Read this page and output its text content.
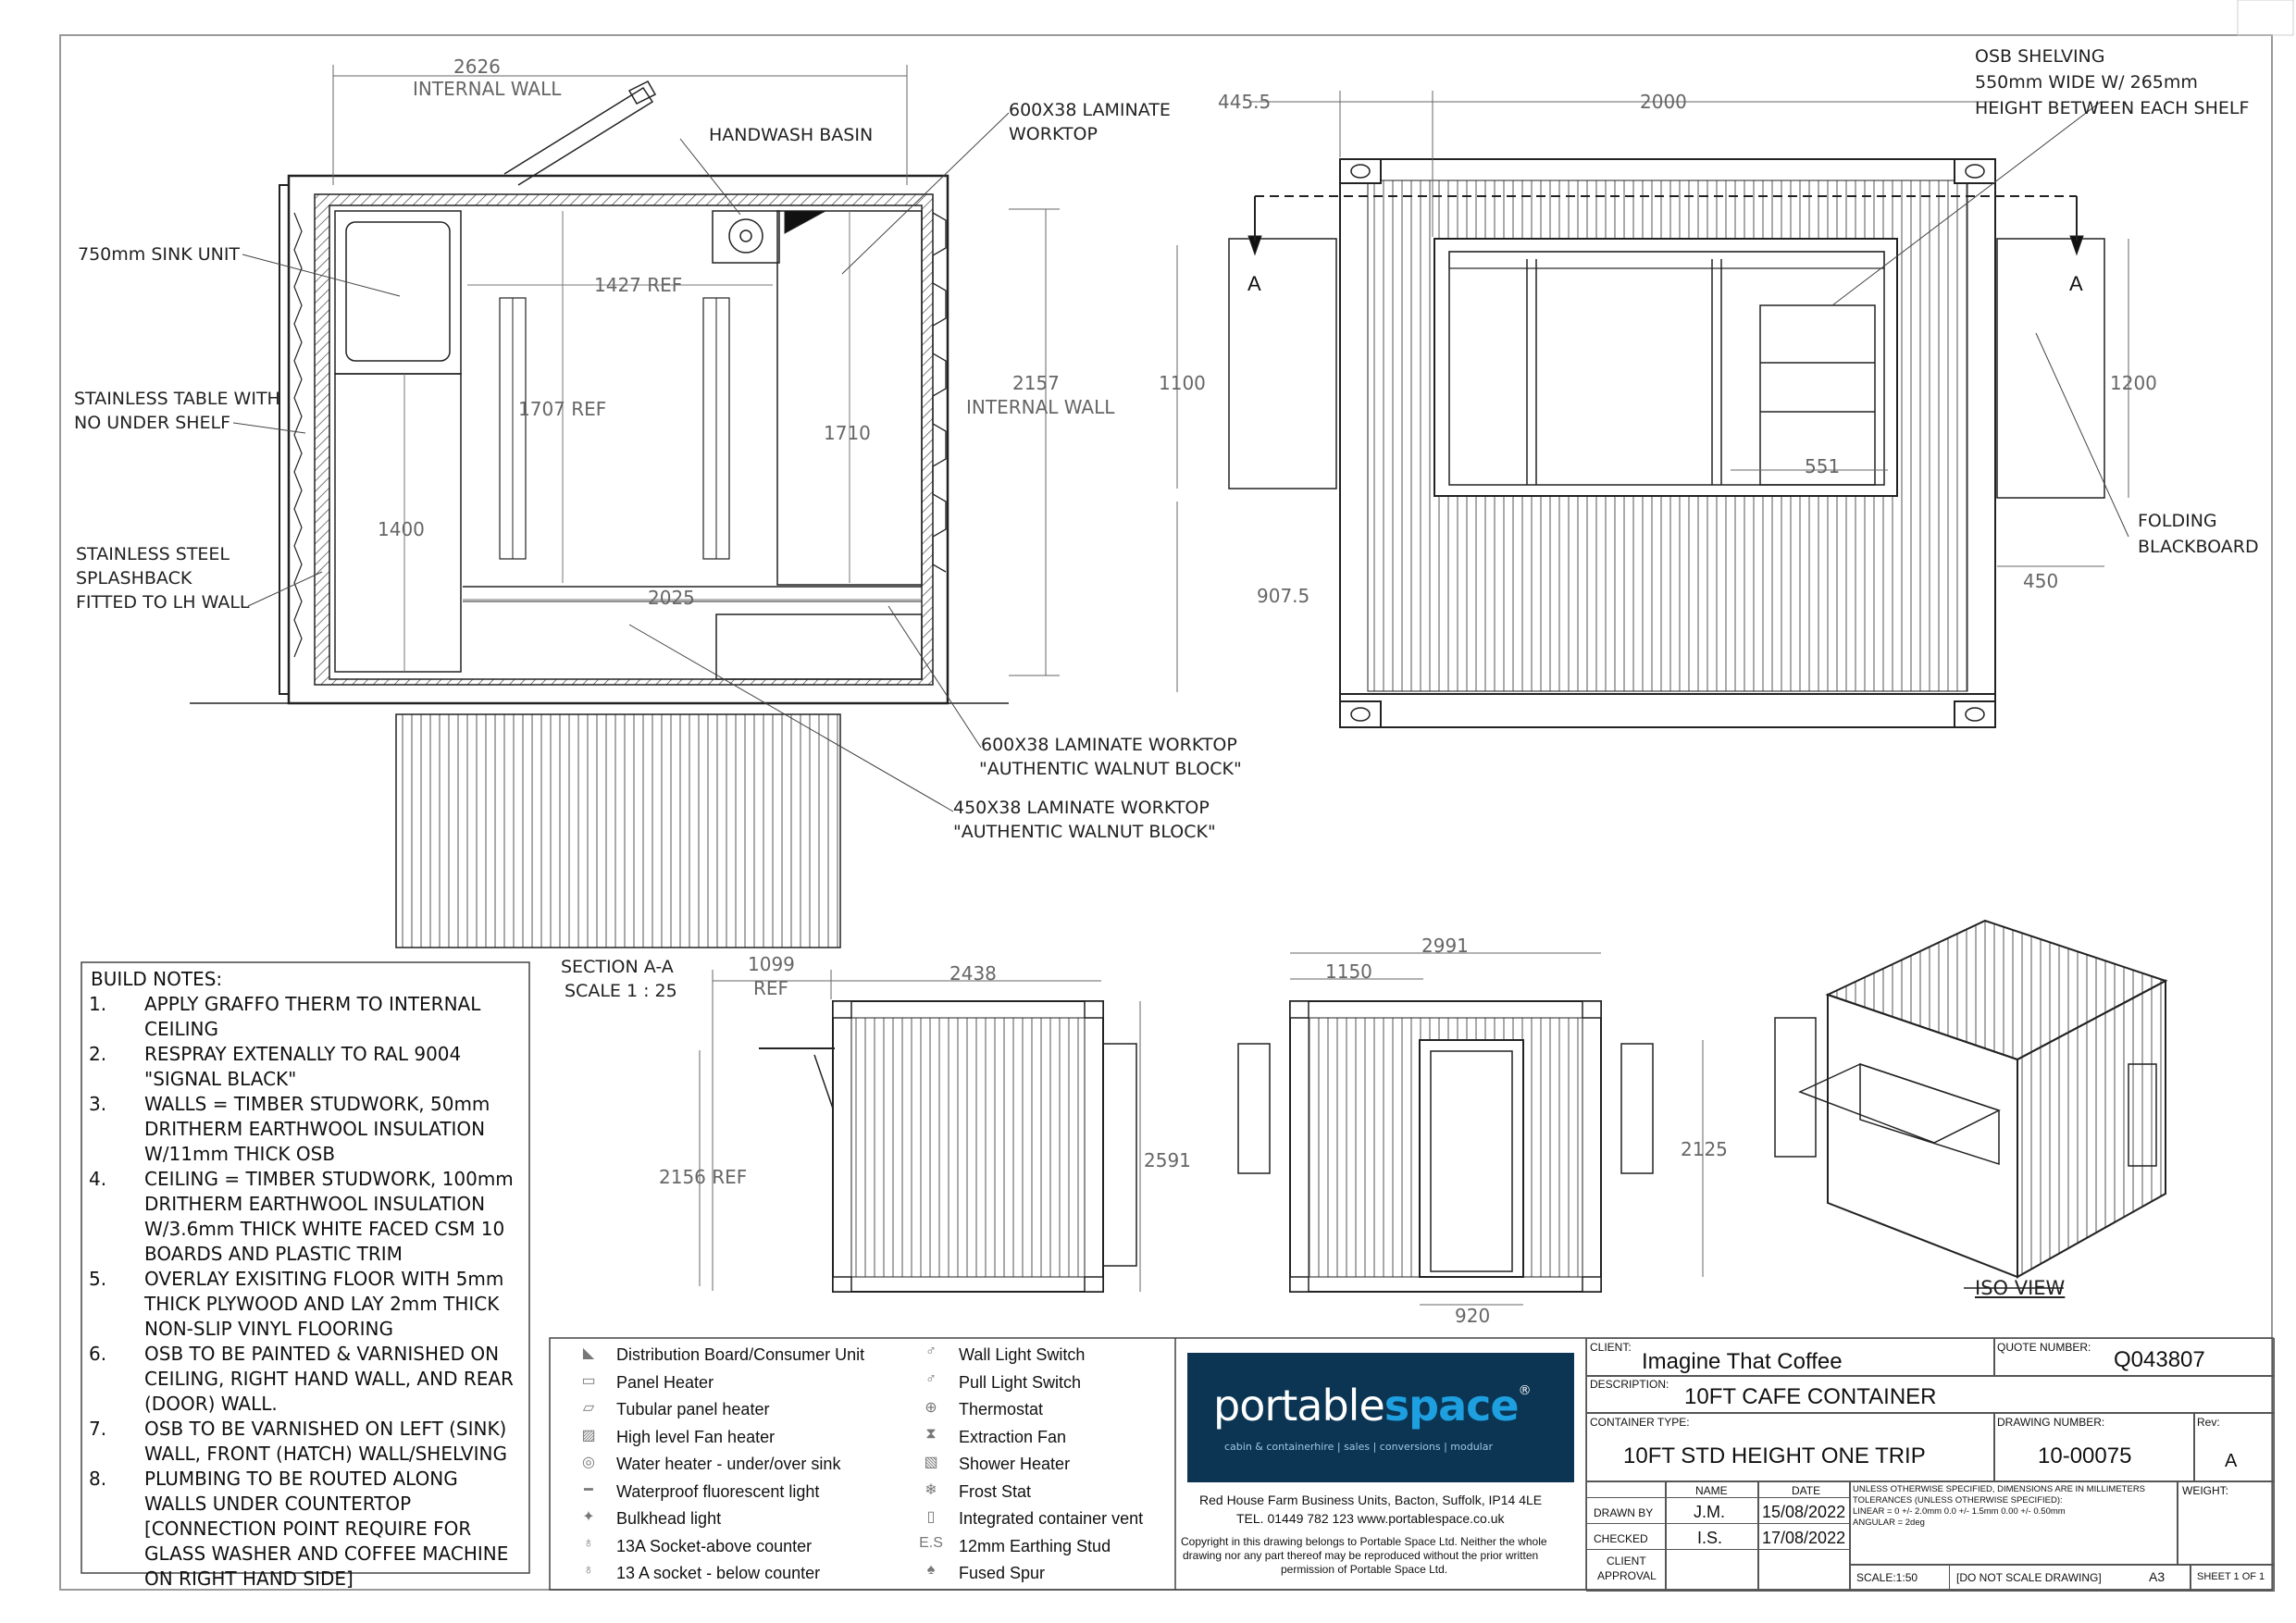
2626
INTERNAL WALL
HANDWASH BASIN
600X38 LAMINATE
WORKTOP
750mm SINK UNIT
1427 REF
STAINLESS TABLE WITH
NO UNDER SHELF
1707 REF
1710
2157
INTERNAL WALL
1400
STAINLESS STEEL
SPLASHBACK
FITTED TO LH WALL	2025
600X38 LAMINATE WORKTOP
"AUTHENTIC WALNUT BLOCK"
450X38 LAMINATE WORKTOP
"AUTHENTIC WALNUT BLOCK"
445.5	2000
OSB SHELVING
550mm WIDE W/ 265mm
HEIGHT BETWEEN EACH SHELF
A	A
1100	1200
551
907.5
450
FOLDING
BLACKBOARD
SECTION A-A
SCALE 1 : 25
1099
REF
2438
2156 REF
2591
2991
1150
2125
920
ISO VIEW
BUILD NOTES:
1. APPLY GRAFFO THERM TO INTERNAL CEILING
2. RESPRAY EXTENALLY TO RAL 9004 "SIGNAL BLACK"
3. WALLS = TIMBER STUDWORK, 50mm DRITHERM EARTHWOOL INSULATION W/11mm THICK OSB
4. CEILING = TIMBER STUDWORK, 100mm DRITHERM EARTHWOOL INSULATION W/3.6mm THICK WHITE FACED CSM 10 BOARDS AND PLASTIC TRIM
5. OVERLAY EXISITING FLOOR WITH 5mm THICK PLYWOOD AND LAY 2mm THICK NON-SLIP VINYL FLOORING
6. OSB TO BE PAINTED & VARNISHED ON CEILING, RIGHT HAND WALL, AND REAR (DOOR) WALL.
7. OSB TO BE VARNISHED ON LEFT (SINK) WALL, FRONT (HATCH) WALL/SHELVING
8. PLUMBING TO BE ROUTED ALONG WALLS UNDER COUNTERTOP [CONNECTION POINT REQUIRE FOR GLASS WASHER AND COFFEE MACHINE ON RIGHT HAND SIDE]
◣	Distribution Board/Consumer Unit
▭	Panel Heater
▱	Tubular panel heater
▨	High level Fan heater
◎	Water heater - under/over sink
━	Waterproof fluorescent light
✦	Bulkhead light
♁	13A Socket-above counter
♁	13 A socket - below counter
♂	Wall Light Switch
♂	Pull Light Switch
⊕	Thermostat
⧗	Extraction Fan
▧	Shower Heater
❄	Frost Stat
▯	Integrated container vent
E.S 12mm Earthing Stud
♠	Fused Spur
portablespace®
cabin & containerhire | sales | conversions | modular
Red House Farm Business Units, Bacton, Suffolk, IP14 4LE
TEL. 01449 782 123 www.portablespace.co.uk
Copyright in this drawing belongs to Portable Space Ltd. Neither the whole
drawing nor any part thereof may be reproduced without the prior written
permission of Portable Space Ltd.
CLIENT:
Imagine That Coffee
QUOTE NUMBER: Q043807
DESCRIPTION: 10FT CAFE CONTAINER
CONTAINER TYPE:
10FT STD HEIGHT ONE TRIP
DRAWING NUMBER:
10-00075
Rev:
A
NAME	DATE
DRAWN BY J.M. 15/08/2022
CHECKED	I.S. 17/08/2022
CLIENT
APPROVAL
UNLESS OTHERWISE SPECIFIED, DIMENSIONS ARE IN MILLIMETERS
TOLERANCES (UNLESS OTHERWISE SPECIFIED):
LINEAR = 0 +/- 2.0mm 0.0 +/- 1.5mm 0.00 +/- 0.50mm
ANGULAR = 2deg
WEIGHT:
SCALE:1:50	[DO NOT SCALE DRAWING]	A3	SHEET 1 OF 1
